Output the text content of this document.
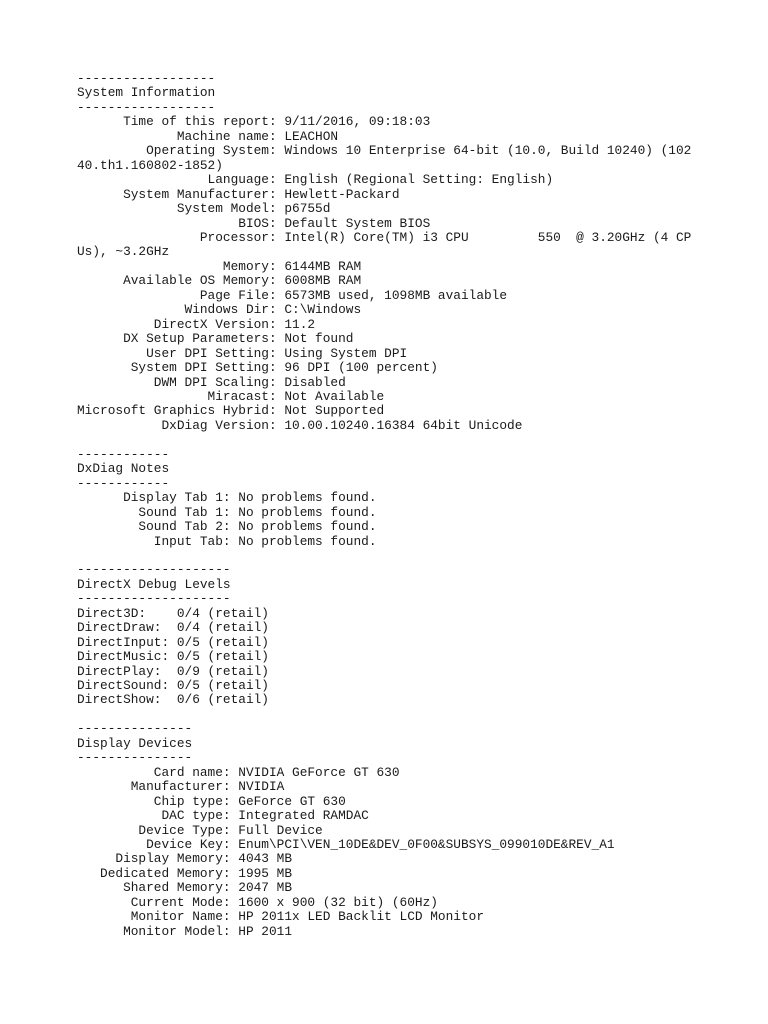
------------------
System Information
------------------
Time of this report: 9/11/2016, 09:18:03
Machine name: LEACHON
Operating System: Windows 10 Enterprise 64-bit (10.0, Build 10240) (102
40.th1.160802-1852)
Language: English (Regional Setting: English)
System Manufacturer: Hewlett-Packard
System Model: p6755d
BIOS: Default System BIOS
Processor: Intel(R) Core(TM) i3 CPU         550  @ 3.20GHz (4 CP
Us), ~3.2GHz
Memory: 6144MB RAM
Available OS Memory: 6008MB RAM
Page File: 6573MB used, 1098MB available
Windows Dir: C:\Windows
DirectX Version: 11.2
DX Setup Parameters: Not found
User DPI Setting: Using System DPI
System DPI Setting: 96 DPI (100 percent)
DWM DPI Scaling: Disabled
Miracast: Not Available
Microsoft Graphics Hybrid: Not Supported
DxDiag Version: 10.00.10240.16384 64bit Unicode
------------
DxDiag Notes
------------
Display Tab 1: No problems found.
Sound Tab 1: No problems found.
Sound Tab 2: No problems found.
Input Tab: No problems found.
--------------------
DirectX Debug Levels
--------------------
Direct3D:    0/4 (retail)
DirectDraw:  0/4 (retail)
DirectInput: 0/5 (retail)
DirectMusic: 0/5 (retail)
DirectPlay:  0/9 (retail)
DirectSound: 0/5 (retail)
DirectShow:  0/6 (retail)
---------------
Display Devices
---------------
Card name: NVIDIA GeForce GT 630
Manufacturer: NVIDIA
Chip type: GeForce GT 630
DAC type: Integrated RAMDAC
Device Type: Full Device
Device Key: Enum\PCI\VEN_10DE&DEV_0F00&SUBSYS_099010DE&REV_A1
Display Memory: 4043 MB
Dedicated Memory: 1995 MB
Shared Memory: 2047 MB
Current Mode: 1600 x 900 (32 bit) (60Hz)
Monitor Name: HP 2011x LED Backlit LCD Monitor
Monitor Model: HP 2011
